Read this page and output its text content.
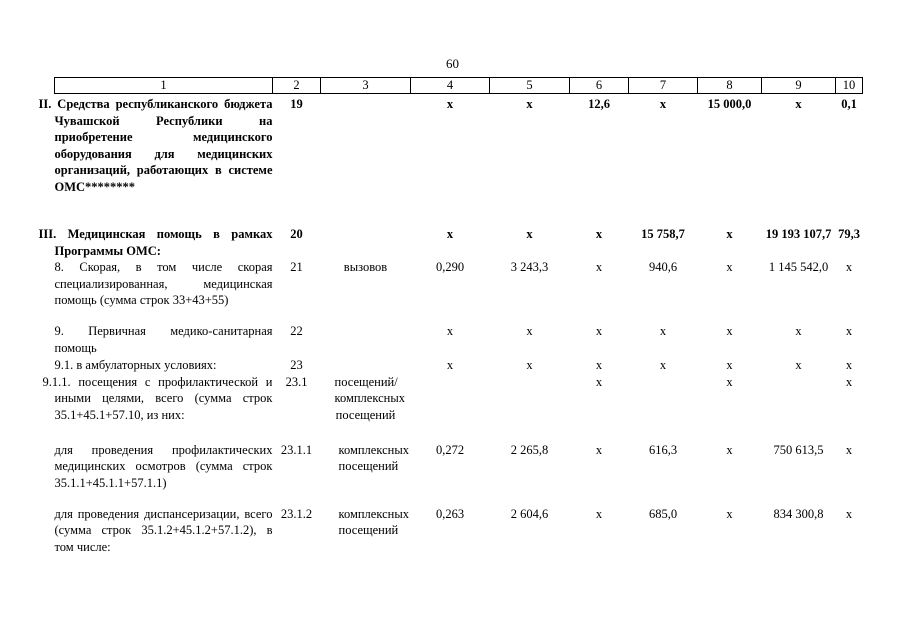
60
1	2	3	4	5	6	7	8	9	10
II. Средства республиканского бюджета Чувашской Республики на приобретение медицинского оборудования для медицинских организаций, работающих в системе ОМС********	19		х	х	12,6	х	15 000,0	х	0,1
III. Медицинская помощь в рамках Программы ОМС:	20		х	х	х	15 758,7	х	19 193 107,7	79,3
8. Скорая, в том числе скорая специализированная, медицинская помощь (сумма строк 33+43+55)	21	вызовов	0,290	3 243,3	х	940,6	х	1 145 542,0	х
9. Первичная медико-санитарная помощь	22		х	х	х	х	х	х	х
9.1. в амбулаторных условиях:	23		х	х	х	х	х	х	х
9.1.1. посещения с профилактической и иными целями, всего (сумма строк 35.1+45.1+57.10, из них:	23.1	посещений/ комплексных посещений			х		х		х
для проведения профилактических медицинских осмотров (сумма строк 35.1.1+45.1.1+57.1.1)	23.1.1	комплексных посещений	0,272	2 265,8	х	616,3	х	750 613,5	х
для проведения диспансеризации, всего (сумма строк 35.1.2+45.1.2+57.1.2), в том числе:	23.1.2	комплексных посещений	0,263	2 604,6	х	685,0	х	834 300,8	х
